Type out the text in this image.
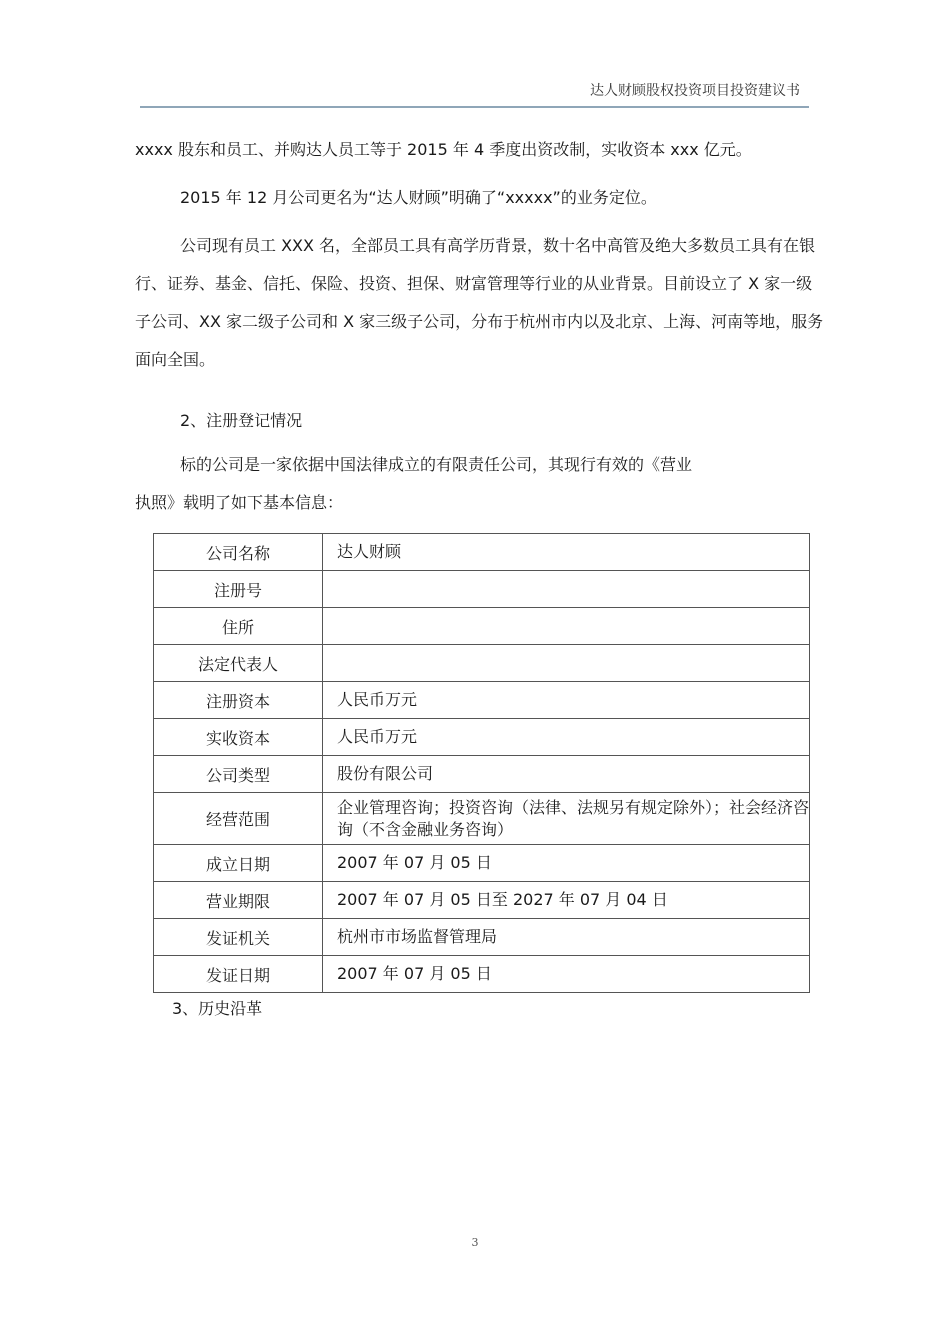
达人财顾股权投资项目投资建议书

xxxx 股东和员工、并购达人员工等于 2015 年 4 季度出资改制，实收资本 xxx 亿元。

2015 年 12 月公司更名为“达人财顾”明确了“xxxxx”的业务定位。

公司现有员工 XXX 名，全部员工具有高学历背景，数十名中高管及绝大多数员工具有在银行、证券、基金、信托、保险、投资、担保、财富管理等行业的从业背景。目前设立了 X 家一级子公司、XX 家二级子公司和 X 家三级子公司，分布于杭州市内以及北京、上海、河南等地，服务面向全国。

2、注册登记情况

标的公司是一家依据中国法律成立的有限责任公司，其现行有效的《营业

执照》载明了如下基本信息：

公司名称	达人财顾
注册号	
住所	
法定代表人	
注册资本	人民币万元
实收资本	人民币万元
公司类型	股份有限公司
经营范围	企业管理咨询；投资咨询（法律、法规另有规定除外）；社会经济咨询（不含金融业务咨询）
成立日期	2007 年 07 月 05 日
营业期限	2007 年 07 月 05 日至 2027 年 07 月 04 日
发证机关	杭州市市场监督管理局
发证日期	2007 年 07 月 05 日

3、历史沿革

3
